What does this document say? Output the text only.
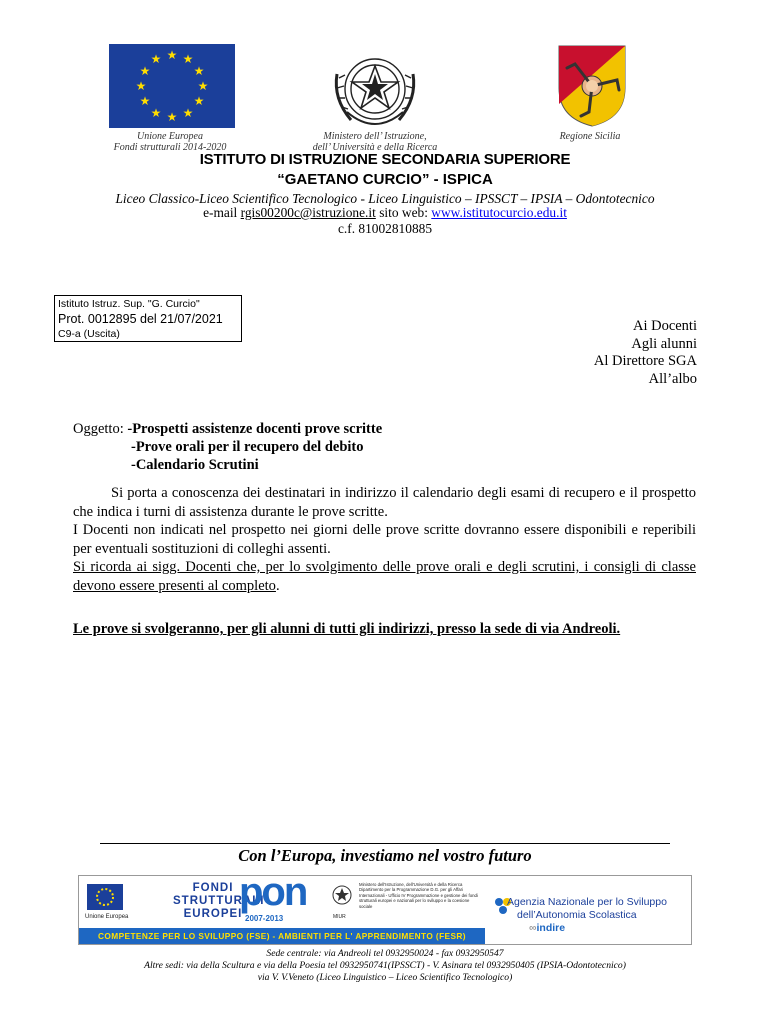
★ ★
★
★
★
★
★
★
★
★
★
★
Unione Europea
Fondi strutturali 2014-2020
Ministero dell’ Istruzione,
dell’ Università e della Ricerca
Regione Sicilia
ISTITUTO DI ISTRUZIONE SECONDARIA SUPERIORE
“GAETANO CURCIO” - ISPICA
Liceo Classico-Liceo Scientifico Tecnologico - Liceo Linguistico – IPSSCT – IPSIA – Odontotecnico
e-mail rgis00200c@istruzione.it sito web: www.istitutocurcio.edu.it
c.f. 81002810885
Istituto Istruz. Sup. "G. Curcio"
Prot. 0012895 del 21/07/2021
C9-a (Uscita)	Ai Docenti
Agli alunni
Al Direttore SGA
All’albo
Oggetto: -Prospetti assistenze docenti prove scritte
-Prove orali per il recupero del debito
-Calendario Scrutini
Si porta a conoscenza dei destinatari in indirizzo il calendario degli esami di recupero e il prospetto che indica i turni di assistenza durante le prove scritte.
I Docenti non indicati nel prospetto nei giorni delle prove scritte dovranno essere disponibili e reperibili per eventuali sostituzioni di colleghi assenti.
Si ricorda ai sigg. Docenti che, per lo svolgimento delle prove orali e degli scrutini, i consigli di classe devono essere presenti al completo.
Le prove si svolgeranno, per gli alunni di tutti gli indirizzi, presso la sede di via Andreoli.
Con l’Europa, investiamo nel vostro futuro
Unione Europea
FONDI
STRUTTURALI
EUROPEI
pon
2007-2013	MIUR
Ministero dell'Istruzione, dell'Università e della Ricerca Dipartimento per la Programmazione D.G. per gli Affari Internazionali - Ufficio IV Programmazione e gestione dei fondi strutturali europei e nazionali per lo sviluppo e la coesione sociale
COMPETENZE PER LO SVILUPPO (FSE) - AMBIENTI PER L' APPRENDIMENTO (FESR)
Agenzia Nazionale per lo Sviluppo
dell’Autonomia Scolastica
∞indire
Sede centrale: via Andreoli tel 0932950024 - fax 0932950547
Altre sedi: via della Scultura e via della Poesia tel 0932950741(IPSSCT) - V. Asinara tel 0932950405 (IPSIA-Odontotecnico)
via V. V.Veneto (Liceo Linguistico – Liceo Scientifico Tecnologico)
